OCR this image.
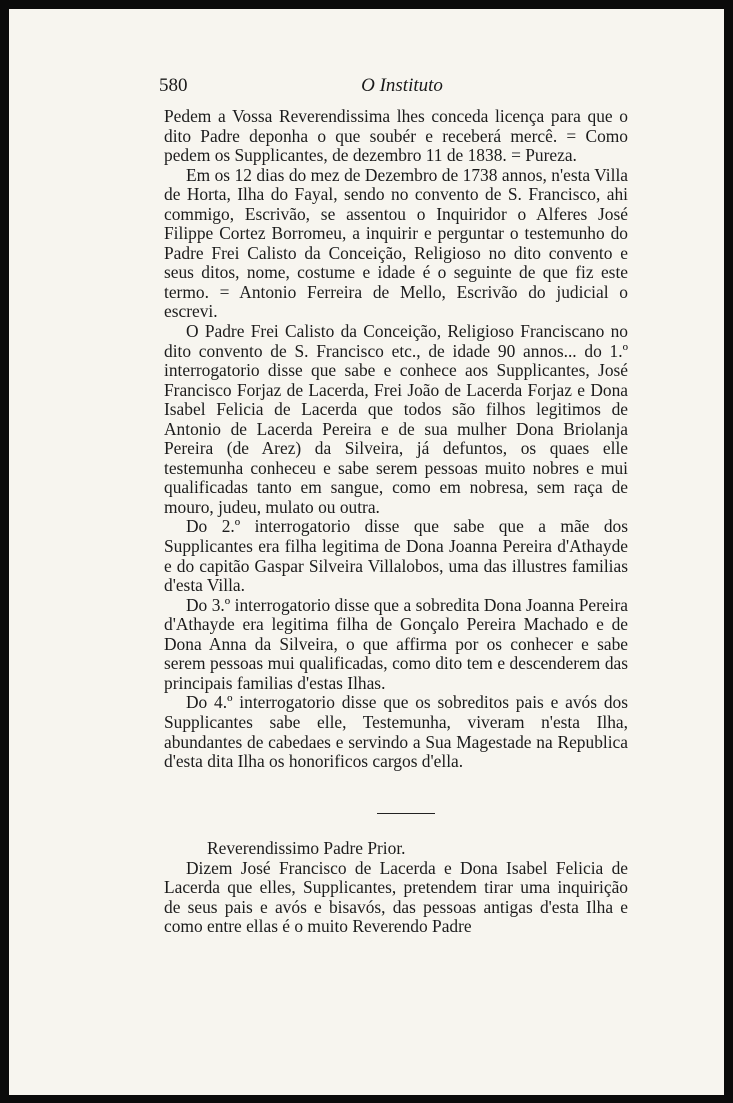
580	O Instituto

Pedem a Vossa Reverendissima lhes conceda licença para que o dito Padre deponha o que soubér e receberá mercê. = Como pedem os Supplicantes, de dezembro 11 de 1838. = Pureza.

Em os 12 dias do mez de Dezembro de 1738 annos, n'esta Villa de Horta, Ilha do Fayal, sendo no convento de S. Francisco, ahi commigo, Escrivão, se assentou o Inquiridor o Alferes José Filippe Cortez Borromeu, a inquirir e perguntar o testemunho do Padre Frei Calisto da Conceição, Religioso no dito convento e seus ditos, nome, costume e idade é o seguinte de que fiz este termo. = Antonio Ferreira de Mello, Escrivão do judicial o escrevi.

O Padre Frei Calisto da Conceição, Religioso Franciscano no dito convento de S. Francisco etc., de idade 90 annos... do 1.º interrogatorio disse que sabe e conhece aos Supplicantes, José Francisco Forjaz de Lacerda, Frei João de Lacerda Forjaz e Dona Isabel Felicia de Lacerda que todos são filhos legitimos de Antonio de Lacerda Pereira e de sua mulher Dona Briolanja Pereira (de Arez) da Silveira, já defuntos, os quaes elle testemunha conheceu e sabe serem pessoas muito nobres e mui qualificadas tanto em sangue, como em nobresa, sem raça de mouro, judeu, mulato ou outra.

Do 2.º interrogatorio disse que sabe que a mãe dos Supplicantes era filha legitima de Dona Joanna Pereira d'Athayde e do capitão Gaspar Silveira Villalobos, uma das illustres familias d'esta Villa.

Do 3.º interrogatorio disse que a sobredita Dona Joanna Pereira d'Athayde era legitima filha de Gonçalo Pereira Machado e de Dona Anna da Silveira, o que affirma por os conhecer e sabe serem pessoas mui qualificadas, como dito tem e descenderem das principais familias d'estas Ilhas.

Do 4.º interrogatorio disse que os sobreditos pais e avós dos Supplicantes sabe elle, Testemunha, viveram n'esta Ilha, abundantes de cabedaes e servindo a Sua Magestade na Republica d'esta dita Ilha os honorificos cargos d'ella.

Reverendissimo Padre Prior.

Dizem José Francisco de Lacerda e Dona Isabel Felicia de Lacerda que elles, Supplicantes, pretendem tirar uma inquirição de seus pais e avós e bisavós, das pessoas antigas d'esta Ilha e como entre ellas é o muito Reverendo Padre
